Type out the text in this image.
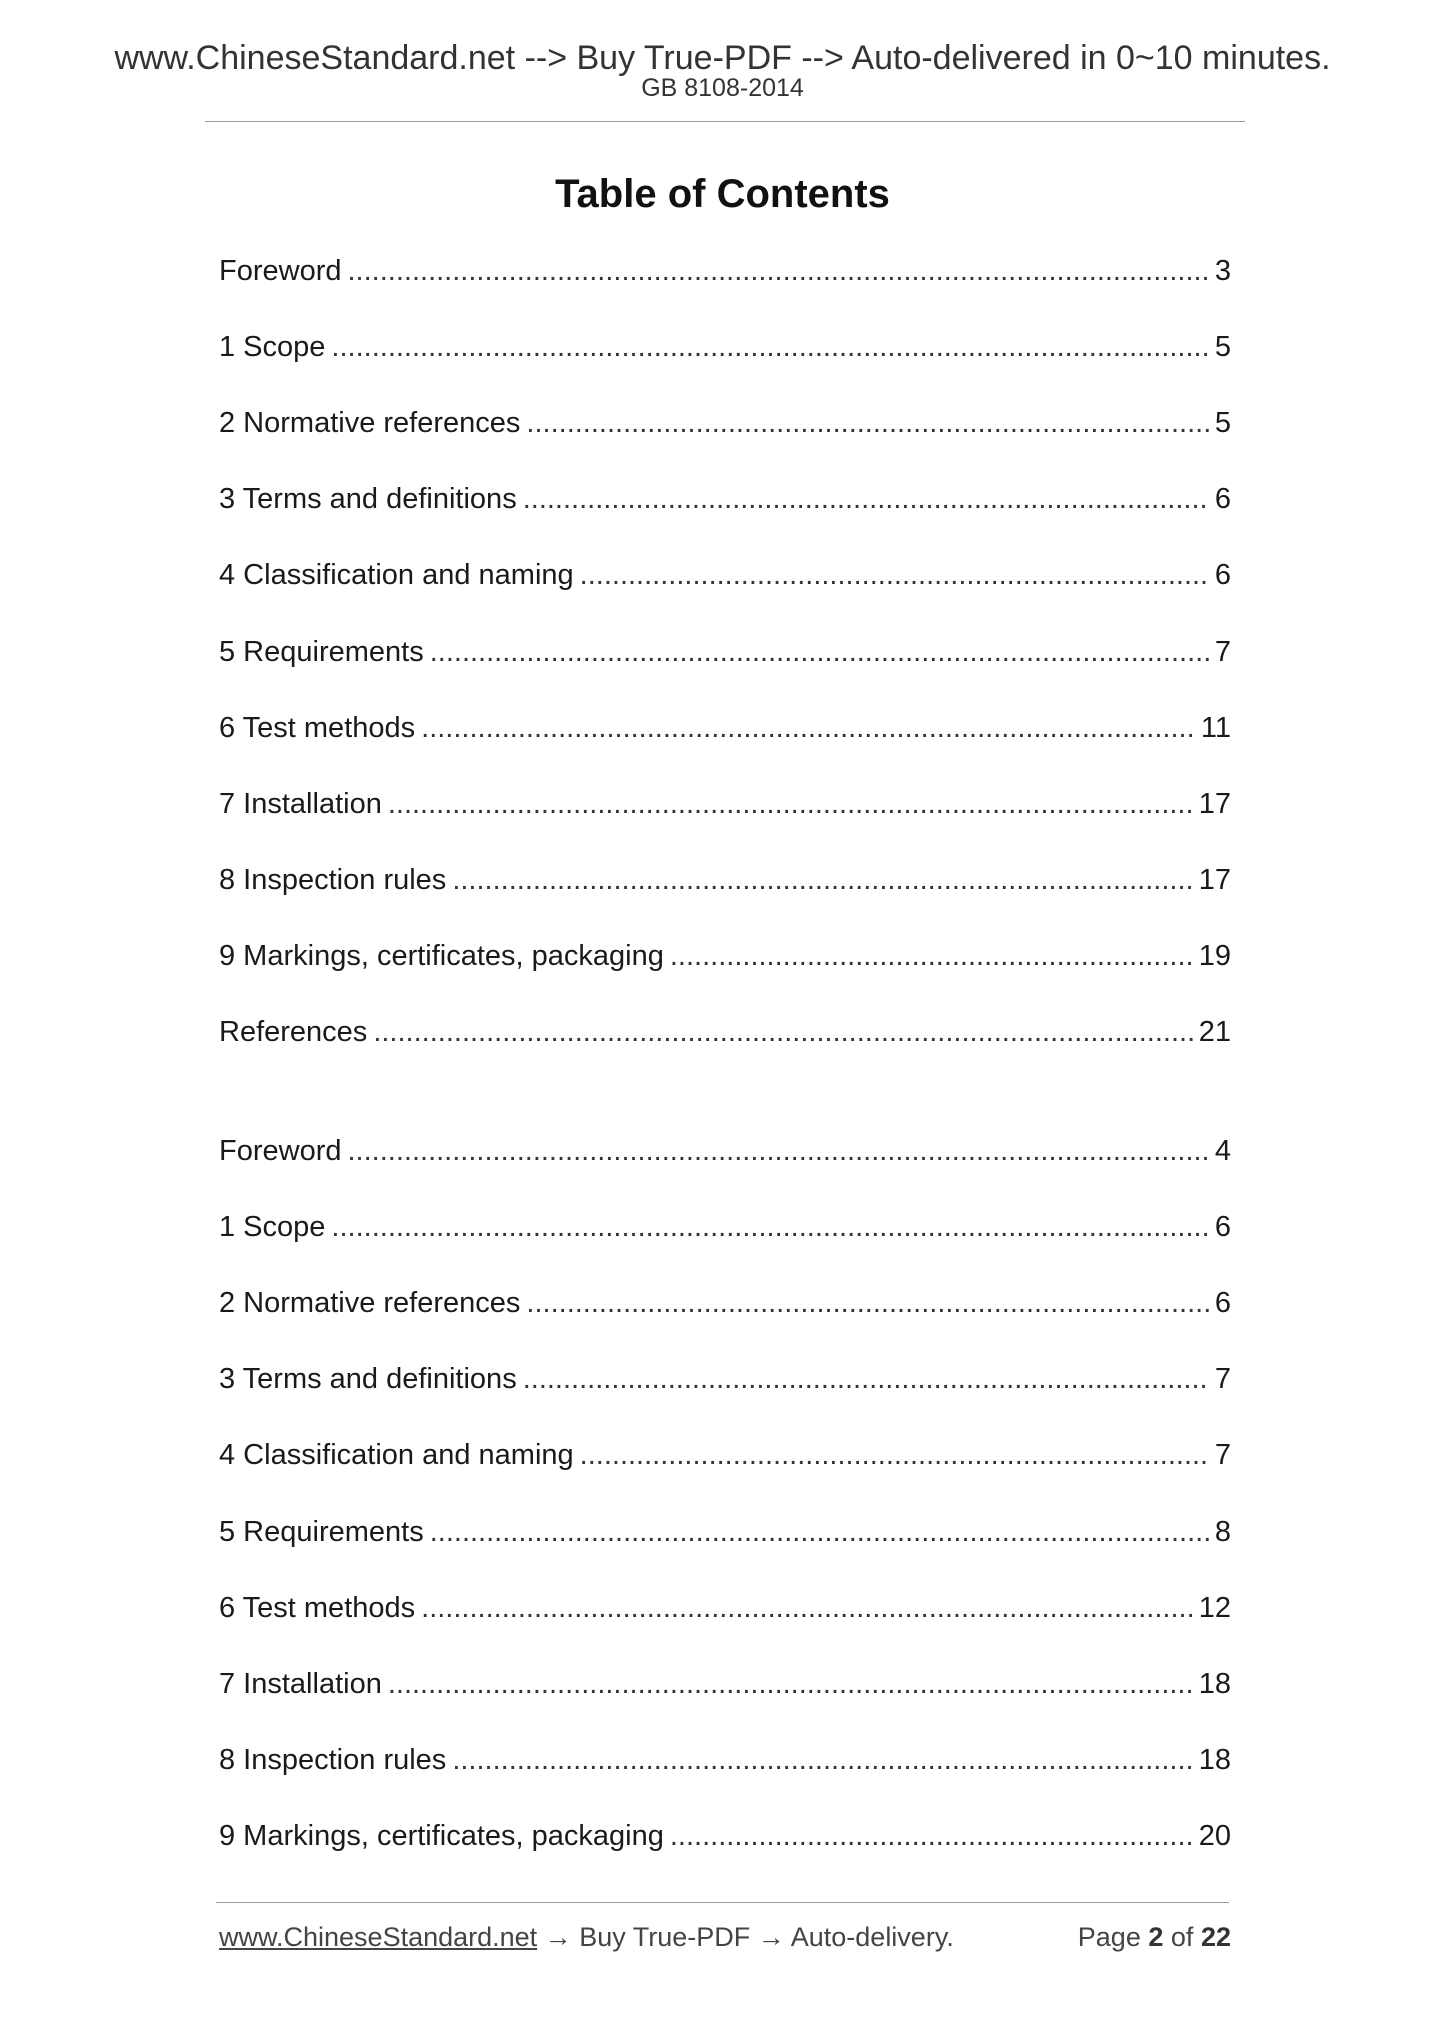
www.ChineseStandard.net --> Buy True-PDF --> Auto-delivered in 0~10 minutes.
GB 8108-2014
Table of Contents
Foreword .....	3
1 Scope .....	5
2 Normative references .....	5
3 Terms and definitions .....	6
4 Classification and naming .....	6
5 Requirements .....	7
6 Test methods .....	11
7 Installation .....	17
8 Inspection rules .....	17
9 Markings, certificates, packaging .....	19
References .....	21
Foreword .....	4
1 Scope .....	6
2 Normative references .....	6
3 Terms and definitions .....	7
4 Classification and naming .....	7
5 Requirements .....	8
6 Test methods .....	12
7 Installation .....	18
8 Inspection rules .....	18
9 Markings, certificates, packaging .....	20
www.ChineseStandard.net → Buy True-PDF → Auto-delivery.	Page 2 of 22
